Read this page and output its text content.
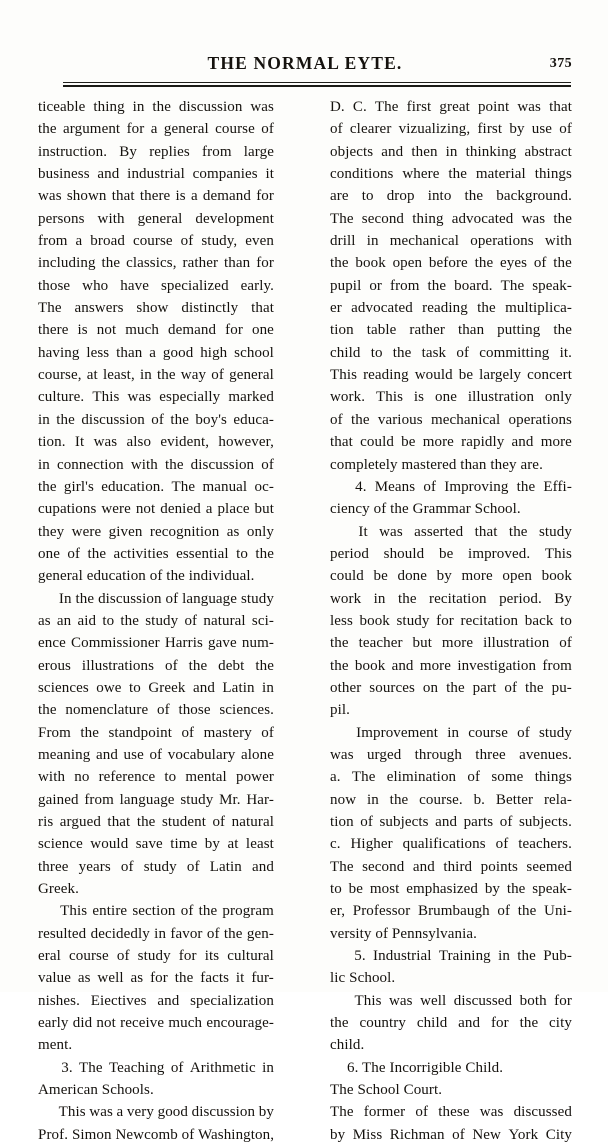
THE NORMAL EYTE.	375
ticeable thing in the discussion was
the argument for a general course of
instruction. By replies from large
business and industrial companies it
was shown that there is a demand for
persons with general development
from a broad course of study, even
including the classics, rather than for
those who have specialized early.
The answers show distinctly that
there is not much demand for one
having less than a good high school
course, at least, in the way of general
culture. This was especially marked
in the discussion of the boy's educa-
tion. It was also evident, however,
in connection with the discussion of
the girl's education. The manual oc-
cupations were not denied a place but
they were given recognition as only
one of the activities essential to the
general education of the individual.
In the discussion of language study
as an aid to the study of natural sci-
ence Commissioner Harris gave num-
erous illustrations of the debt the
sciences owe to Greek and Latin in
the nomenclature of those sciences.
From the standpoint of mastery of
meaning and use of vocabulary alone
with no reference to mental power
gained from language study Mr. Har-
ris argued that the student of natural
science would save time by at least
three years of study of Latin and
Greek.
This entire section of the program
resulted decidedly in favor of the gen-
eral course of study for its cultural
value as well as for the facts it fur-
nishes. Eiectives and specialization
early did not receive much encourage-
ment.
3. The Teaching of Arithmetic in
American Schools.
This was a very good discussion by
Prof. Simon Newcomb of Washington,
D. C. The first great point was that
of clearer vizualizing, first by use of
objects and then in thinking abstract
conditions where the material things
are to drop into the background.
The second thing advocated was the
drill in mechanical operations with
the book open before the eyes of the
pupil or from the board. The speak-
er advocated reading the multiplica-
tion table rather than putting the
child to the task of committing it.
This reading would be largely concert
work. This is one illustration only
of the various mechanical operations
that could be more rapidly and more
completely mastered than they are.
4. Means of Improving the Effi-
ciency of the Grammar School.
It was asserted that the study
period should be improved. This
could be done by more open book
work in the recitation period. By
less book study for recitation back to
the teacher but more illustration of
the book and more investigation from
other sources on the part of the pu-
pil.
Improvement in course of study
was urged through three avenues.
a. The elimination of some things
now in the course. b. Better rela-
tion of subjects and parts of subjects.
c. Higher qualifications of teachers.
The second and third points seemed
to be most emphasized by the speak-
er, Professor Brumbaugh of the Uni-
versity of Pennsylvania.
5. Industrial Training in the Pub-
lic School.
This was well discussed both for
the country child and for the city
child.
6. The Incorrigible Child.
The School Court.
The former of these was discussed
by Miss Richman of New York City
